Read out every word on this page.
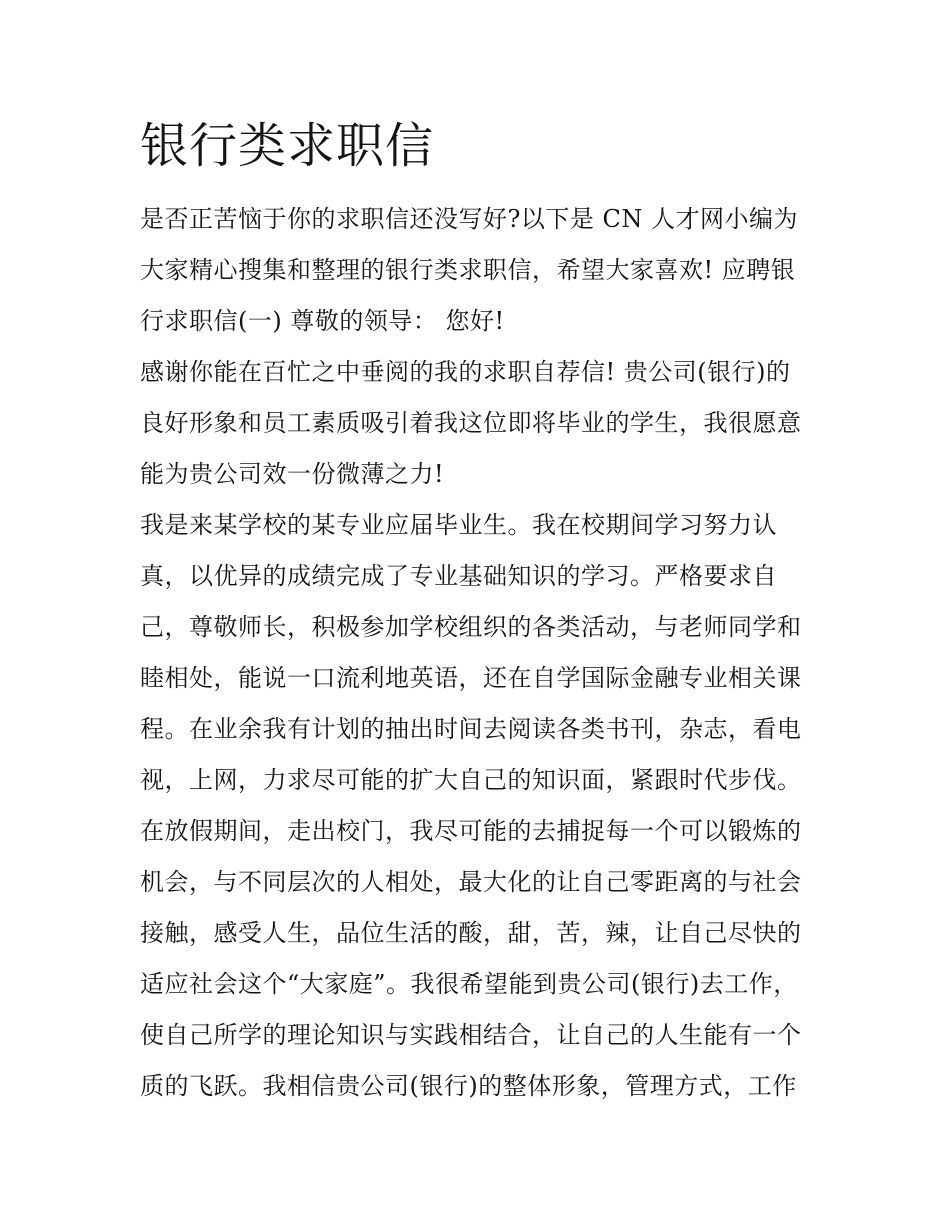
银行类求职信
是否正苦恼于你的求职信还没写好?以下是 CN 人才网小编为
大家精心搜集和整理的银行类求职信，希望大家喜欢! 应聘银
行求职信(一) 尊敬的领导： 您好!
感谢你能在百忙之中垂阅的我的求职自荐信! 贵公司(银行)的
良好形象和员工素质吸引着我这位即将毕业的学生，我很愿意
能为贵公司效一份微薄之力!
我是来某学校的某专业应届毕业生。我在校期间学习努力认
真，以优异的成绩完成了专业基础知识的学习。严格要求自
己，尊敬师长，积极参加学校组织的各类活动，与老师同学和
睦相处，能说一口流利地英语，还在自学国际金融专业相关课
程。在业余我有计划的抽出时间去阅读各类书刊，杂志，看电
视，上网，力求尽可能的扩大自己的知识面，紧跟时代步伐。
在放假期间，走出校门，我尽可能的去捕捉每一个可以锻炼的
机会，与不同层次的人相处，最大化的让自己零距离的与社会
接触，感受人生，品位生活的酸，甜，苦，辣，让自己尽快的
适应社会这个“大家庭”。我很希望能到贵公司(银行)去工作，
使自己所学的理论知识与实践相结合，让自己的人生能有一个
质的飞跃。我相信贵公司(银行)的整体形象，管理方式，工作
